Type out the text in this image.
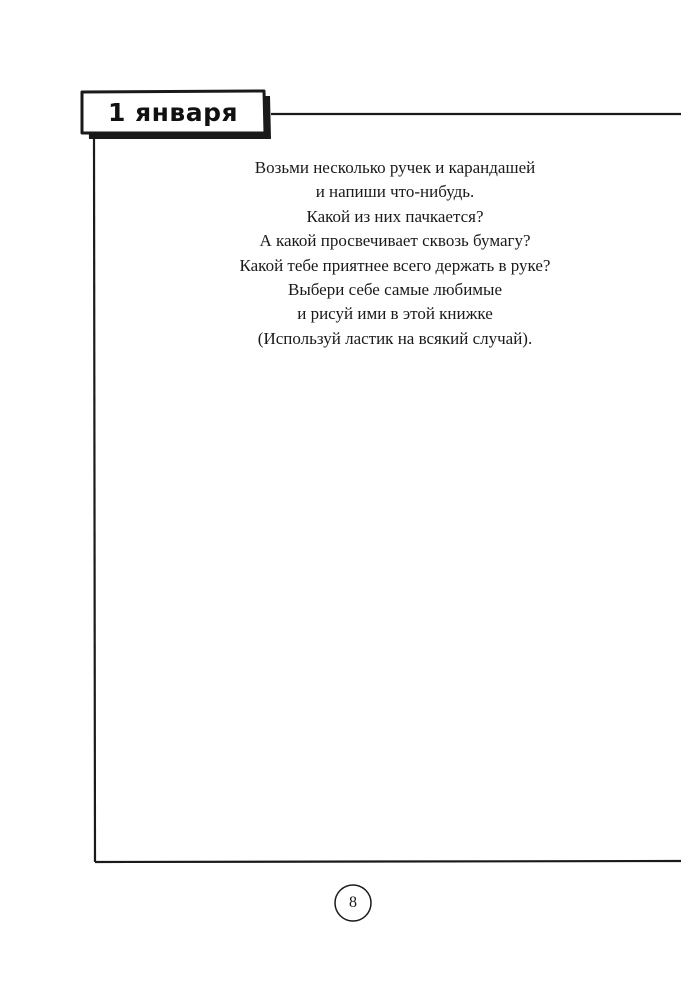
1 января
Возьми несколько ручек и карандашей
и напиши что-нибудь.
Какой из них пачкается?
А какой просвечивает сквозь бумагу?
Какой тебе приятнее всего держать в руке?
Выбери себе самые любимые
и рисуй ими в этой книжке
(Используй ластик на всякий случай).
8
